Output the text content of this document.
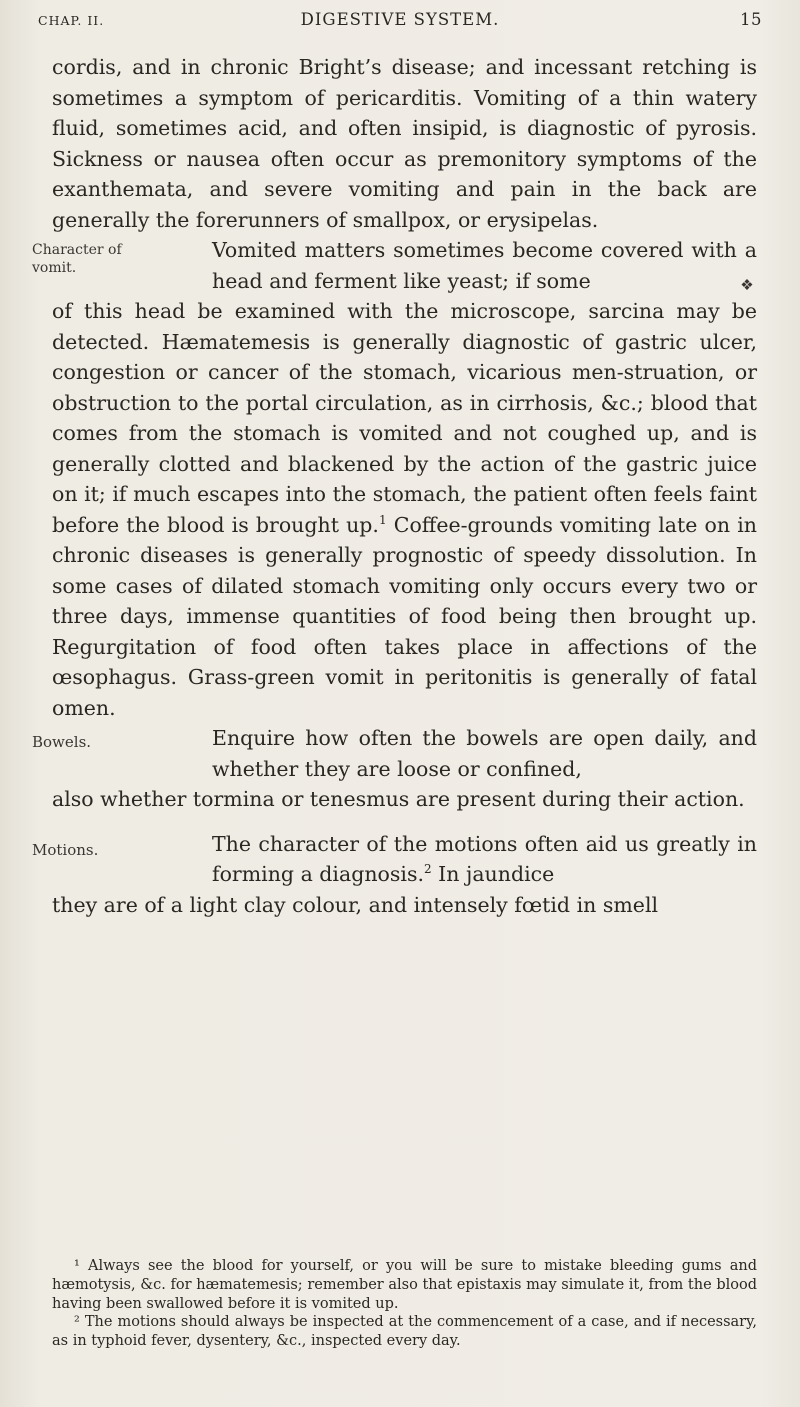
CHAP. II.	DIGESTIVE SYSTEM.	15

cordis, and in chronic Bright’s disease; and incessant retching is sometimes a symptom of pericarditis. Vomiting of a thin watery fluid, sometimes acid, and often insipid, is diagnostic of pyrosis. Sickness or nausea often occur as premonitory symptoms of the exanthemata, and severe vomiting and pain in the back are generally the forerunners of smallpox, or erysipelas.
❖

Character of vomit.

Vomited matters sometimes become covered with a head and ferment like yeast; if some
of this head be examined with the microscope, sarcina may be detected. Hæmatemesis is generally diagnostic of gastric ulcer, congestion or cancer of the stomach, vicarious men-struation, or obstruction to the portal circulation, as in cirrhosis, &c.; blood that comes from the stomach is vomited and not coughed up, and is generally clotted and blackened by the action of the gastric juice on it; if much escapes into the stomach, the patient often feels faint before the blood is brought up.$^1$ Coffee-grounds vomiting late on in chronic diseases is generally prognostic of speedy dissolution. In some cases of dilated stomach vomiting only occurs every two or three days, immense quantities of food being then brought up. Regurgitation of food often takes place in affections of the œsophagus. Grass-green vomit in peritonitis is generally of fatal omen.

Bowels.	Enquire how often the bowels are open daily, and whether they are loose or confined,
also whether tormina or tenesmus are present during their action.

Motions.	The character of the motions often aid us greatly in forming a diagnosis.$^2$ In jaundice
they are of a light clay colour, and intensely fœtid in smell

¹ Always see the blood for yourself, or you will be sure to mistake bleeding gums and hæmotysis, &c. for hæmatemesis; remember also that epistaxis may simulate it, from the blood having been swallowed before it is vomited up.

² The motions should always be inspected at the commencement of a case, and if necessary, as in typhoid fever, dysentery, &c., inspected every day.
